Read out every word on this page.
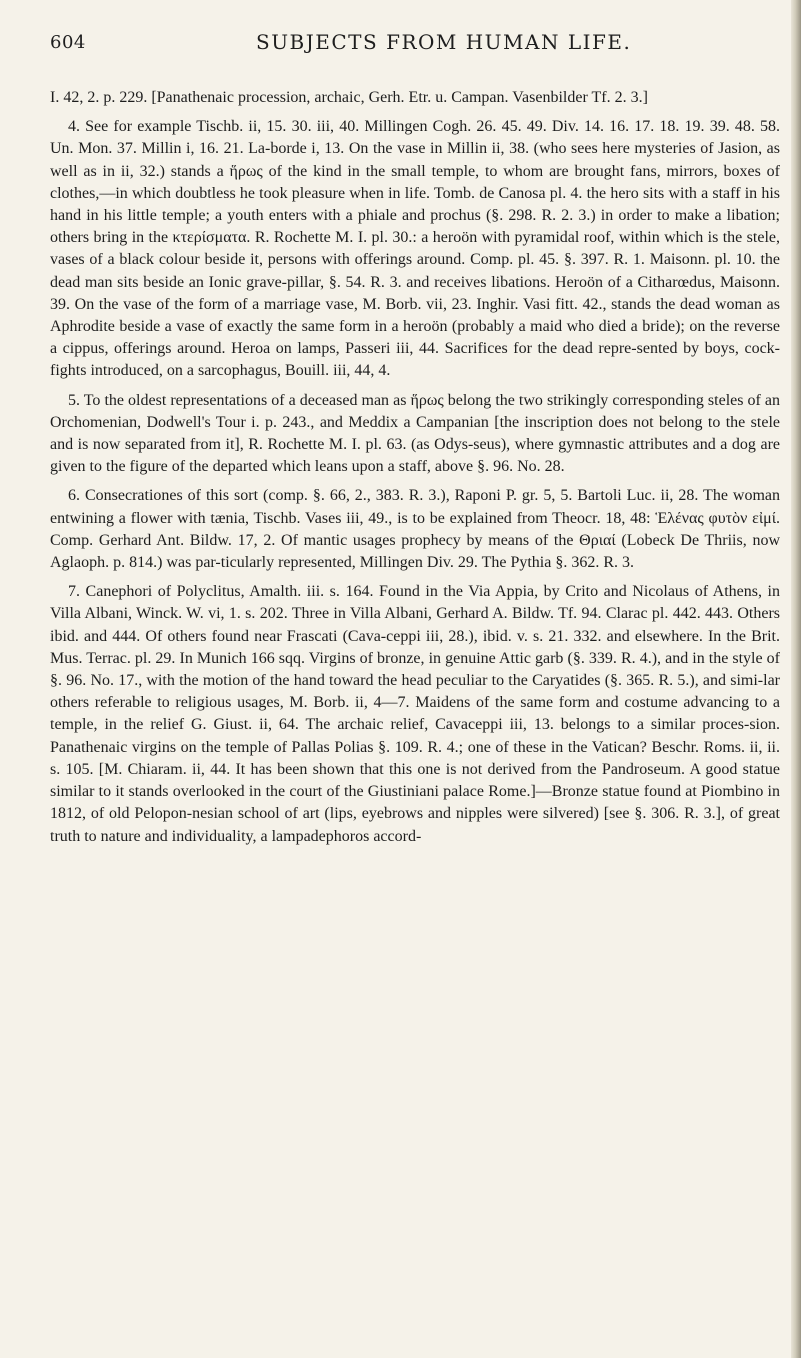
604	SUBJECTS FROM HUMAN LIFE.

I. 42, 2. p. 229. [Panathenaic procession, archaic, Gerh. Etr. u. Campan. Vasenbilder Tf. 2. 3.]

4. See for example Tischb. ii, 15. 30. iii, 40. Millingen Cogh. 26. 45. 49. Div. 14. 16. 17. 18. 19. 39. 48. 58. Un. Mon. 37. Millin i, 16. 21. La-borde i, 13. On the vase in Millin ii, 38. (who sees here mysteries of Jasion, as well as in ii, 32.) stands a ἥρως of the kind in the small temple, to whom are brought fans, mirrors, boxes of clothes,—in which doubtless he took pleasure when in life. Tomb. de Canosa pl. 4. the hero sits with a staff in his hand in his little temple; a youth enters with a phiale and prochus (§. 298. R. 2. 3.) in order to make a libation; others bring in the κτερίσματα. R. Rochette M. I. pl. 30.: a heroön with pyramidal roof, within which is the stele, vases of a black colour beside it, persons with offerings around. Comp. pl. 45. §. 397. R. 1. Maisonn. pl. 10. the dead man sits beside an Ionic grave-pillar, §. 54. R. 3. and receives libations. Heroön of a Citharœdus, Maisonn. 39. On the vase of the form of a marriage vase, M. Borb. vii, 23. Inghir. Vasi fitt. 42., stands the dead woman as Aphrodite beside a vase of exactly the same form in a heroön (probably a maid who died a bride); on the reverse a cippus, offerings around. Heroa on lamps, Passeri iii, 44. Sacrifices for the dead repre-sented by boys, cock-fights introduced, on a sarcophagus, Bouill. iii, 44, 4.

5. To the oldest representations of a deceased man as ἥρως belong the two strikingly corresponding steles of an Orchomenian, Dodwell's Tour i. p. 243., and Meddix a Campanian [the inscription does not belong to the stele and is now separated from it], R. Rochette M. I. pl. 63. (as Odys-seus), where gymnastic attributes and a dog are given to the figure of the departed which leans upon a staff, above §. 96. No. 28.

6. Consecrationes of this sort (comp. §. 66, 2., 383. R. 3.), Raponi P. gr. 5, 5. Bartoli Luc. ii, 28. The woman entwining a flower with tænia, Tischb. Vases iii, 49., is to be explained from Theocr. 18, 48: Ἑλένας φυτὸν εἰμί. Comp. Gerhard Ant. Bildw. 17, 2. Of mantic usages prophecy by means of the Θριαί (Lobeck De Thriis, now Aglaoph. p. 814.) was par-ticularly represented, Millingen Div. 29. The Pythia §. 362. R. 3.

7. Canephori of Polyclitus, Amalth. iii. s. 164. Found in the Via Appia, by Crito and Nicolaus of Athens, in Villa Albani, Winck. W. vi, 1. s. 202. Three in Villa Albani, Gerhard A. Bildw. Tf. 94. Clarac pl. 442. 443. Others ibid. and 444. Of others found near Frascati (Cava-ceppi iii, 28.), ibid. v. s. 21. 332. and elsewhere. In the Brit. Mus. Terrac. pl. 29. In Munich 166 sqq. Virgins of bronze, in genuine Attic garb (§. 339. R. 4.), and in the style of §. 96. No. 17., with the motion of the hand toward the head peculiar to the Caryatides (§. 365. R. 5.), and simi-lar others referable to religious usages, M. Borb. ii, 4—7. Maidens of the same form and costume advancing to a temple, in the relief G. Giust. ii, 64. The archaic relief, Cavaceppi iii, 13. belongs to a similar proces-sion. Panathenaic virgins on the temple of Pallas Polias §. 109. R. 4.; one of these in the Vatican? Beschr. Roms. ii, ii. s. 105. [M. Chiaram. ii, 44. It has been shown that this one is not derived from the Pandroseum. A good statue similar to it stands overlooked in the court of the Giustiniani palace Rome.]—Bronze statue found at Piombino in 1812, of old Pelopon-nesian school of art (lips, eyebrows and nipples were silvered) [see §. 306. R. 3.], of great truth to nature and individuality, a lampadephoros accord-
